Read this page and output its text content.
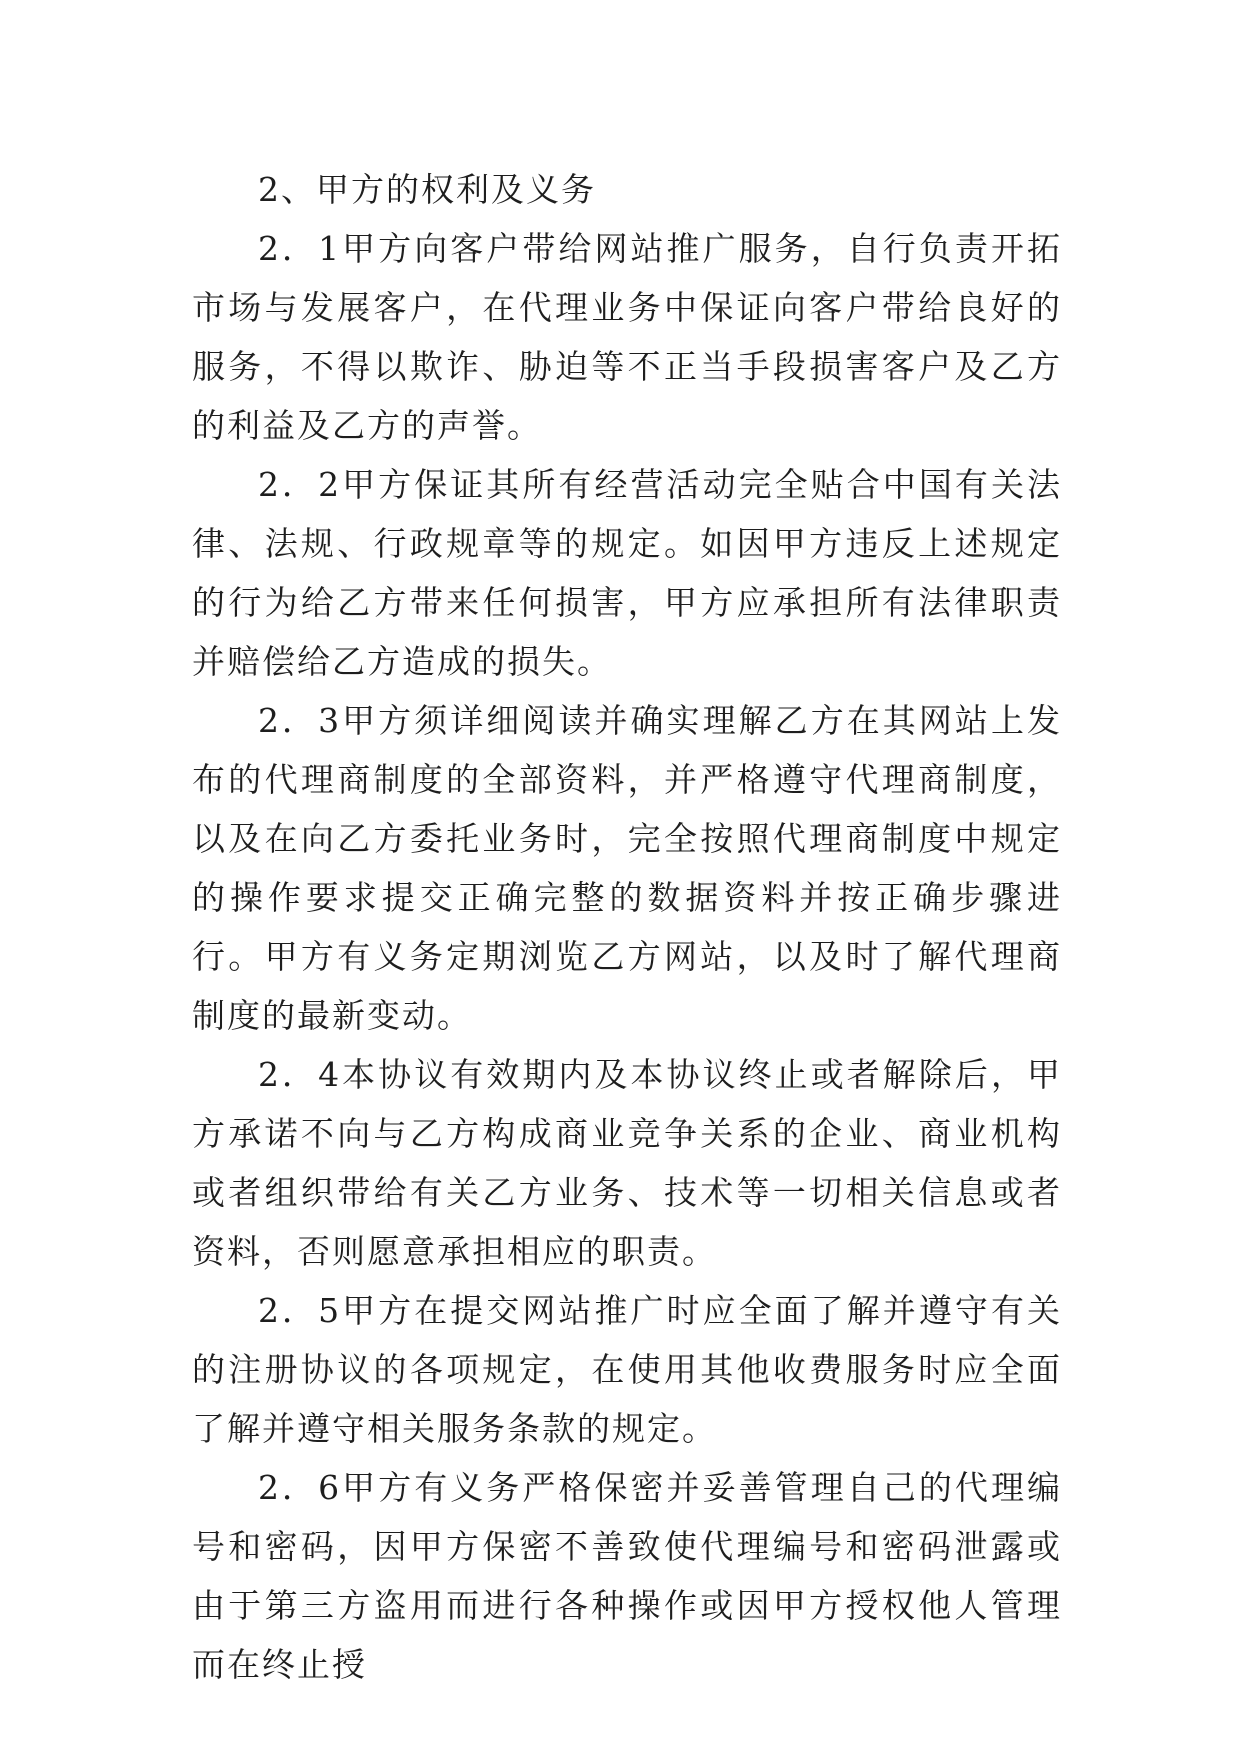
2、甲方的权利及义务

2．1甲方向客户带给网站推广服务，自行负责开拓市场与发展客户，在代理业务中保证向客户带给良好的服务，不得以欺诈、胁迫等不正当手段损害客户及乙方的利益及乙方的声誉。

2．2甲方保证其所有经营活动完全贴合中国有关法律、法规、行政规章等的规定。如因甲方违反上述规定的行为给乙方带来任何损害，甲方应承担所有法律职责并赔偿给乙方造成的损失。

2．3甲方须详细阅读并确实理解乙方在其网站上发布的代理商制度的全部资料，并严格遵守代理商制度，以及在向乙方委托业务时，完全按照代理商制度中规定的操作要求提交正确完整的数据资料并按正确步骤进行。甲方有义务定期浏览乙方网站，以及时了解代理商制度的最新变动。

2．4本协议有效期内及本协议终止或者解除后，甲方承诺不向与乙方构成商业竞争关系的企业、商业机构或者组织带给有关乙方业务、技术等一切相关信息或者资料，否则愿意承担相应的职责。

2．5甲方在提交网站推广时应全面了解并遵守有关的注册协议的各项规定，在使用其他收费服务时应全面了解并遵守相关服务条款的规定。

2．6甲方有义务严格保密并妥善管理自己的代理编号和密码，因甲方保密不善致使代理编号和密码泄露或由于第三方盗用而进行各种操作或因甲方授权他人管理而在终止授
